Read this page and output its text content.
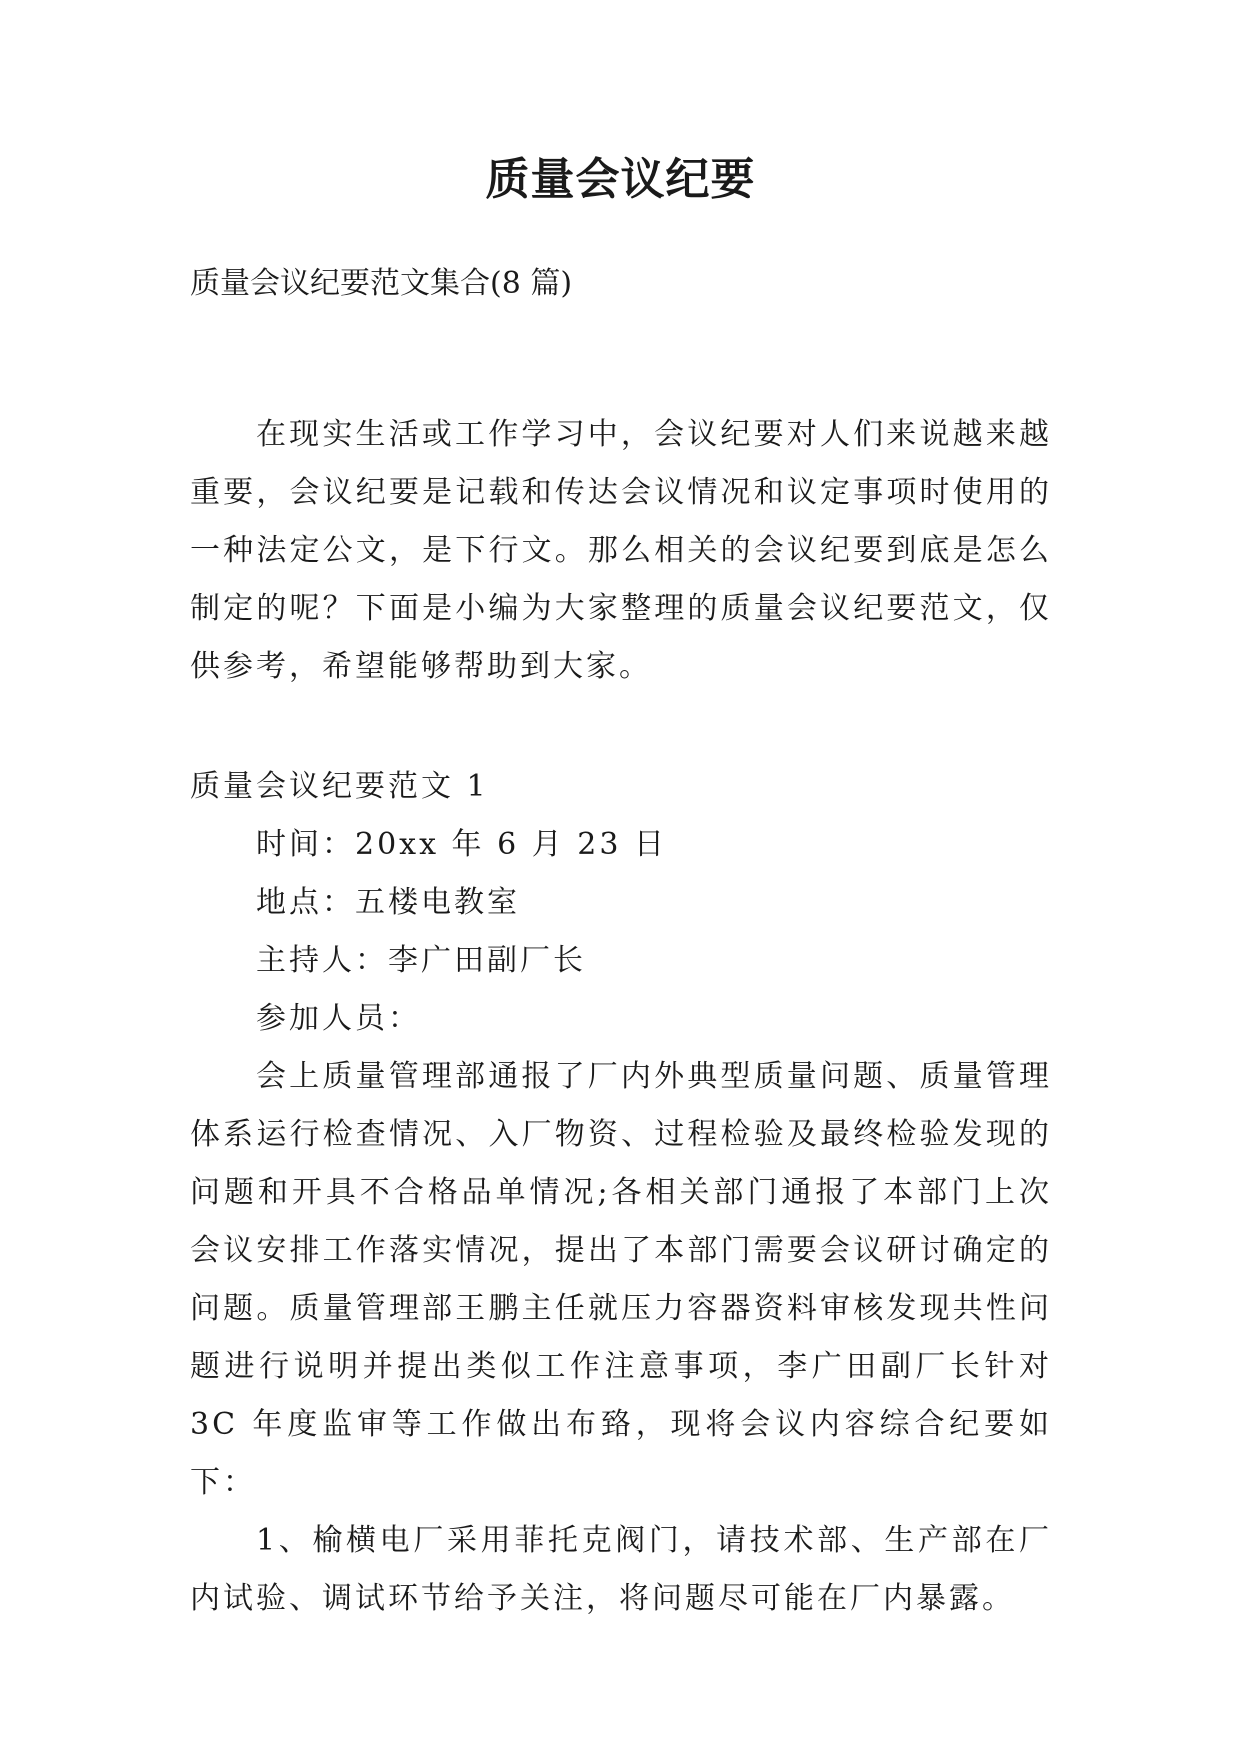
质量会议纪要
质量会议纪要范文集合(8 篇)

在现实生活或工作学习中，会议纪要对人们来说越来越重要，会议纪要是记载和传达会议情况和议定事项时使用的一种法定公文，是下行文。那么相关的会议纪要到底是怎么制定的呢？下面是小编为大家整理的质量会议纪要范文，仅供参考，希望能够帮助到大家。

质量会议纪要范文 1

时间：20xx 年 6 月 23 日

地点：五楼电教室

主持人：李广田副厂长

参加人员：

会上质量管理部通报了厂内外典型质量问题、质量管理体系运行检查情况、入厂物资、过程检验及最终检验发现的问题和开具不合格品单情况;各相关部门通报了本部门上次会议安排工作落实情况，提出了本部门需要会议研讨确定的问题。质量管理部王鹏主任就压力容器资料审核发现共性问题进行说明并提出类似工作注意事项，李广田副厂长针对 3C 年度监审等工作做出布臵，现将会议内容综合纪要如下：

1、榆横电厂采用菲托克阀门，请技术部、生产部在厂内试验、调试环节给予关注，将问题尽可能在厂内暴露。
